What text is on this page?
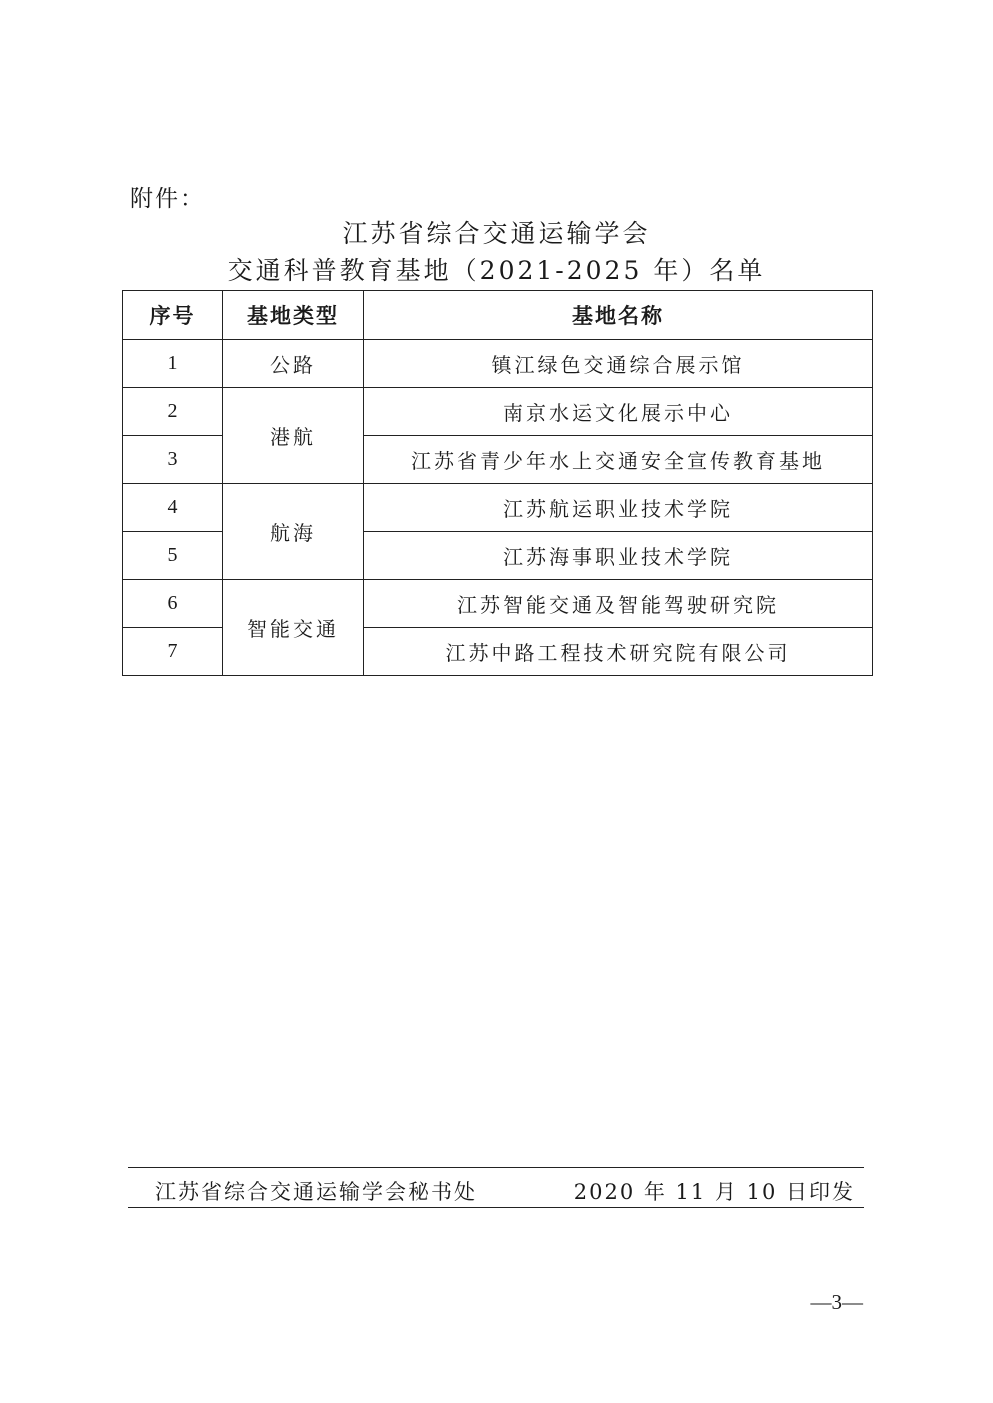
附件：
江苏省综合交通运输学会
交通科普教育基地（2021-2025 年）名单
序号	基地类型	基地名称
1	公路	镇江绿色交通综合展示馆
2	港航	南京水运文化展示中心
3		江苏省青少年水上交通安全宣传教育基地
4	航海	江苏航运职业技术学院
5		江苏海事职业技术学院
6	智能交通	江苏智能交通及智能驾驶研究院
7		江苏中路工程技术研究院有限公司
江苏省综合交通运输学会秘书处	2020 年 11 月 10 日印发
—3—
